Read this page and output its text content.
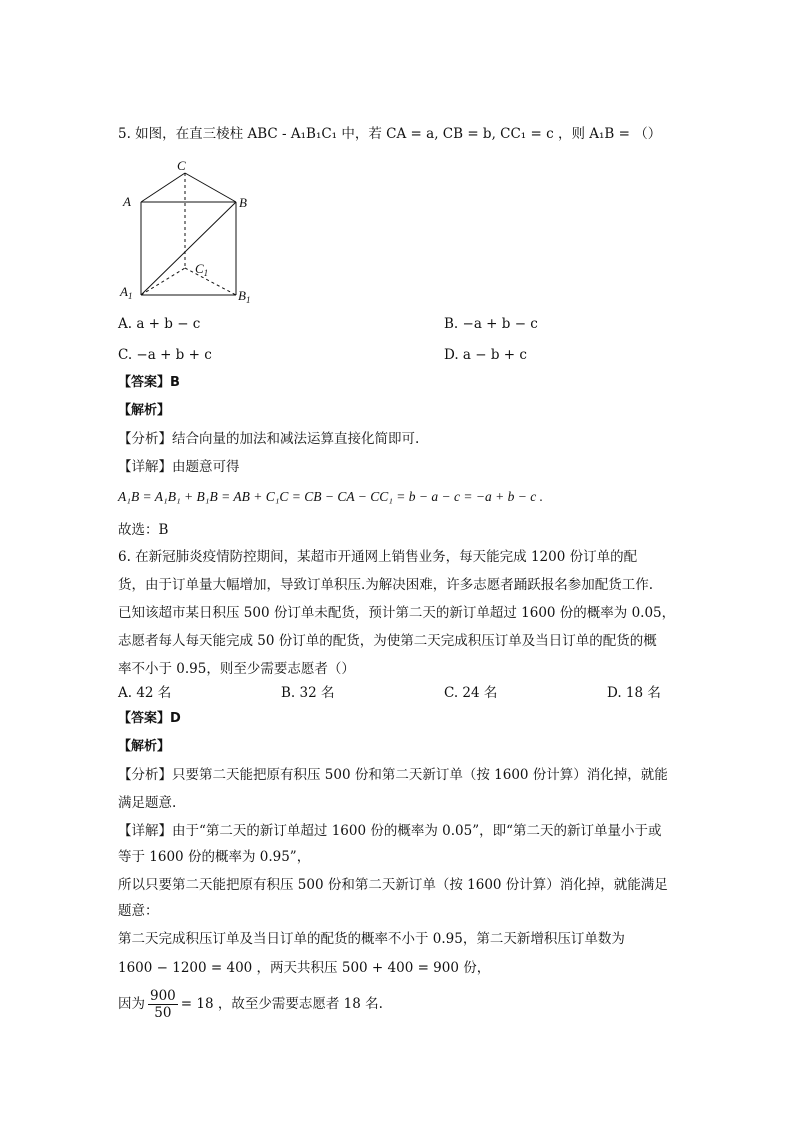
5. 如图，在直三棱柱 ABC - A₁B₁C₁ 中，若 CA = a, CB = b, CC₁ = c ，则 A₁B = （）
C
A	B
$C_1$
$A_1$	$B_1$
A. a + b − c	B. −a + b − c
C. −a + b + c	D. a − b + c
【答案】B
【解析】
【分析】结合向量的加法和减法运算直接化简即可.
【详解】由题意可得
A₁B = A₁B₁ + B₁B = AB + C₁C = CB − CA − CC₁ = b − a − c = −a + b − c .
故选：B
6. 在新冠肺炎疫情防控期间，某超市开通网上销售业务，每天能完成 1200 份订单的配
货，由于订单量大幅增加，导致订单积压.为解决困难，许多志愿者踊跃报名参加配货工作.
已知该超市某日积压 500 份订单未配货，预计第二天的新订单超过 1600 份的概率为 0.05，
志愿者每人每天能完成 50 份订单的配货，为使第二天完成积压订单及当日订单的配货的概
率不小于 0.95，则至少需要志愿者（）
A. 42 名	B. 32 名	C. 24 名	D. 18 名
【答案】D
【解析】
【分析】只要第二天能把原有积压 500 份和第二天新订单（按 1600 份计算）消化掉，就能
满足题意.
【详解】由于“第二天的新订单超过 1600 份的概率为 0.05”，即“第二天的新订单量小于或
等于 1600 份的概率为 0.95”，
所以只要第二天能把原有积压 500 份和第二天新订单（按 1600 份计算）消化掉，就能满足
题意：
第二天完成积压订单及当日订单的配货的概率不小于 0.95，第二天新增积压订单数为
1600 − 1200 = 400 ，两天共积压 500 + 400 = 900 份，
因为 $\frac{900}{50} = 18$ ，故至少需要志愿者 18 名.
